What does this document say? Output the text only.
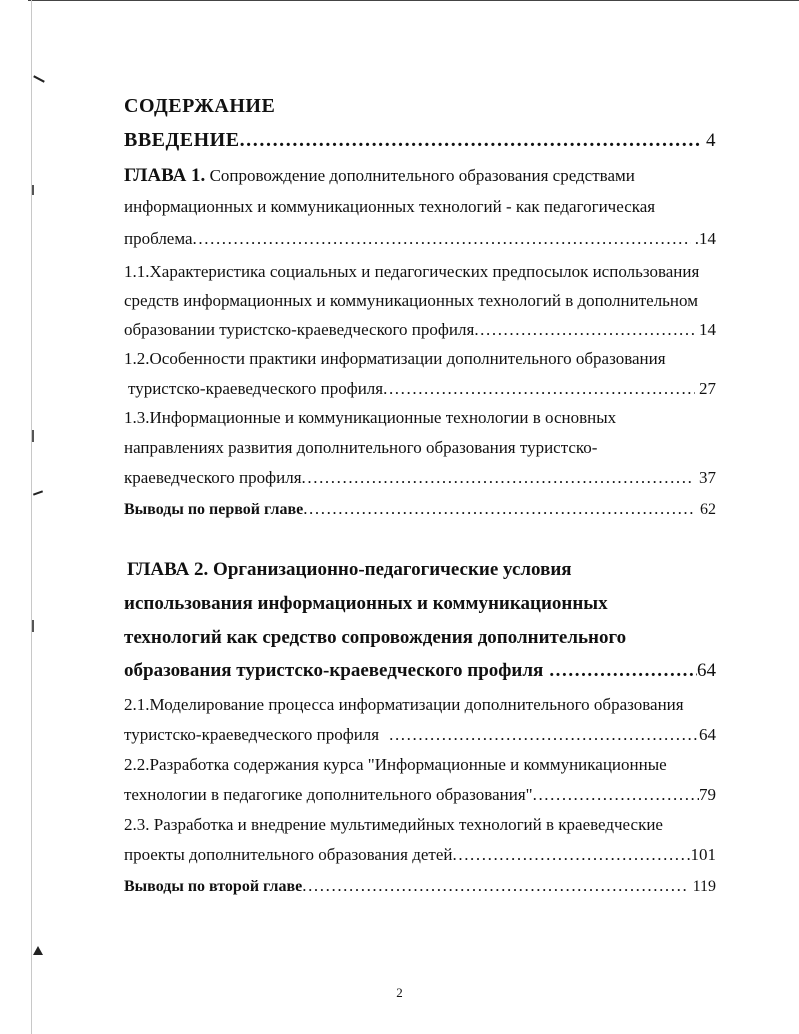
СОДЕРЖАНИЕ
ВВЕДЕНИЕ .....	4
ГЛАВА 1. Сопровождение дополнительного образования средствами
информационных и коммуникационных технологий - как педагогическая
проблема .....	.14
1.1.Характеристика социальных и педагогических предпосылок использования
средств информационных и коммуникационных технологий в дополнительном
образовании туристско-краеведческого профиля .....	14
1.2.Особенности практики информатизации дополнительного образования
туристско-краеведческого профиля .....	27
1.3.Информационные и коммуникационные технологии в основных
направлениях развития дополнительного образования туристско-
краеведческого профиля .....	37
Выводы по первой главе .....	62
ГЛАВА 2. Организационно-педагогические условия
использования информационных и коммуникационных
технологий как средство сопровождения дополнительного
образования туристско-краеведческого профиля .....	64
2.1.Моделирование процесса информатизации дополнительного образования
туристско-краеведческого профиля .....	64
2.2.Разработка содержания курса "Информационные и коммуникационные
технологии в педагогике дополнительного образования" .....	79
2.3. Разработка и внедрение мультимедийных технологий в краеведческие
проекты дополнительного образования детей .....	101
Выводы по второй главе .....	119
2
